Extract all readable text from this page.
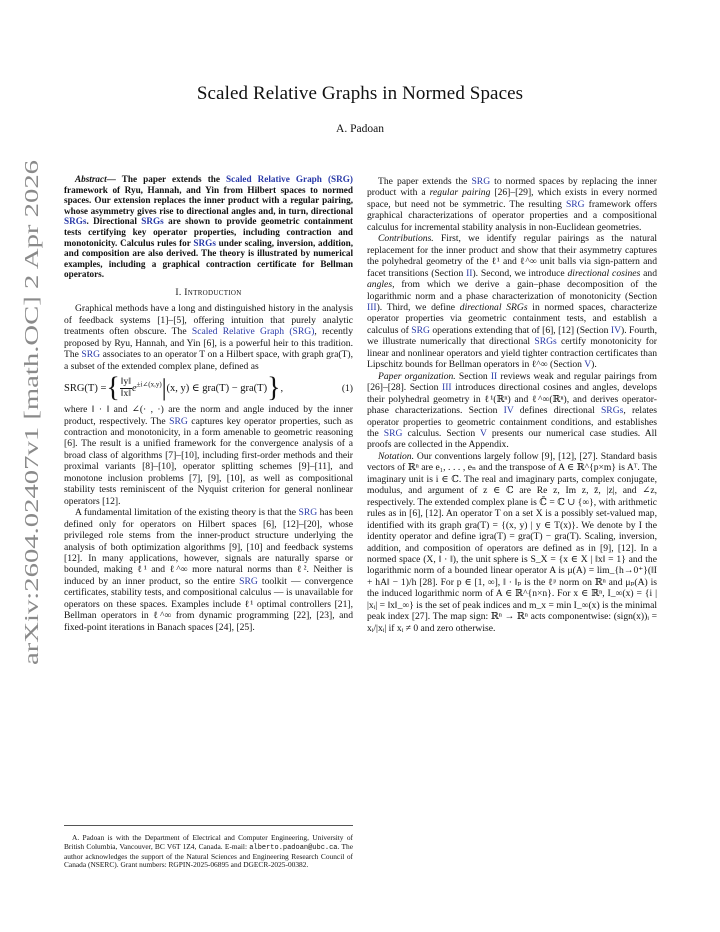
arXiv:2604.02407v1 [math.OC] 2 Apr 2026
Scaled Relative Graphs in Normed Spaces
A. Padoan

Abstract— The paper extends the Scaled Relative Graph (SRG) framework of Ryu, Hannah, and Yin from Hilbert spaces to normed spaces. Our extension replaces the inner product with a regular pairing, whose asymmetry gives rise to directional angles and, in turn, directional SRGs. Directional SRGs are shown to provide geometric containment tests certifying key operator properties, including contraction and monotonicity. Calculus rules for SRGs under scaling, inversion, addition, and composition are also derived. The theory is illustrated by numerical examples, including a graphical contraction certificate for Bellman operators.

I. Introduction

Graphical methods have a long and distinguished history in the analysis of feedback systems [1]–[5], offering intuition that purely analytic treatments often obscure. The Scaled Relative Graph (SRG), recently proposed by Ryu, Hannah, and Yin [6], is a powerful heir to this tradition. The SRG associates to an operator T on a Hilbert space, with graph gra(T), a subset of the extended complex plane, defined as

SRG(T) ={ $\frac{‖y‖}{‖x‖} e^{\pm i\angle(x,y)}|(x$, y) ∈ gra(T) − gra(T)},	(1)

where ‖ · ‖ and ∠(· , ·) are the norm and angle induced by the inner product, respectively. The SRG captures key operator properties, such as contraction and monotonicity, in a form amenable to geometric reasoning [6]. The result is a unified framework for the convergence analysis of a broad class of algorithms [7]–[10], including first-order methods and their proximal variants [8]–[10], operator splitting schemes [9]–[11], and monotone inclusion problems [7], [9], [10], as well as compositional stability tests reminiscent of the Nyquist criterion for general nonlinear operators [12].

A fundamental limitation of the existing theory is that the SRG has been defined only for operators on Hilbert spaces [6], [12]–[20], whose privileged role stems from the inner-product structure underlying the analysis of both optimization algorithms [9], [10] and feedback systems [12]. In many applications, however, signals are naturally sparse or bounded, making ℓ¹ and ℓ^∞ more natural norms than ℓ². Neither is induced by an inner product, so the entire SRG toolkit — convergence certificates, stability tests, and compositional calculus — is unavailable for operators on these spaces. Examples include ℓ¹ optimal controllers [21], Bellman operators in ℓ^∞ from dynamic programming [22], [23], and fixed-point iterations in Banach spaces [24], [25].

A. Padoan is with the Department of Electrical and Computer Engineering, University of British Columbia, Vancouver, BC V6T 1Z4, Canada. E-mail: alberto.padoan@ubc.ca. The author acknowledges the support of the Natural Sciences and Engineering Research Council of Canada (NSERC). Grant numbers: RGPIN-2025-06895 and DGECR-2025-00382.

The paper extends the SRG to normed spaces by replacing the inner product with a regular pairing [26]–[29], which exists in every normed space, but need not be symmetric. The resulting SRG framework offers graphical characterizations of operator properties and a compositional calculus for incremental stability analysis in non-Euclidean geometries.

Contributions. First, we identify regular pairings as the natural replacement for the inner product and show that their asymmetry captures the polyhedral geometry of the ℓ¹ and ℓ^∞ unit balls via sign-pattern and facet transitions (Section II). Second, we introduce directional cosines and angles, from which we derive a gain–phase decomposition of the logarithmic norm and a phase characterization of monotonicity (Section III). Third, we define directional SRGs in normed spaces, characterize operator properties via geometric containment tests, and establish a calculus of SRG operations extending that of [6], [12] (Section IV). Fourth, we illustrate numerically that directional SRGs certify monotonicity for linear and nonlinear operators and yield tighter contraction certificates than Lipschitz bounds for Bellman operators in ℓ^∞ (Section V).

Paper organization. Section II reviews weak and regular pairings from [26]–[28]. Section III introduces directional cosines and angles, develops their polyhedral geometry in ℓ¹(ℝⁿ) and ℓ^∞(ℝⁿ), and derives operator-phase characterizations. Section IV defines directional SRGs, relates operator properties to geometric containment conditions, and establishes the SRG calculus. Section V presents our numerical case studies. All proofs are collected in the Appendix.

Notation. Our conventions largely follow [9], [12], [27]. Standard basis vectors of ℝⁿ are e₁, . . . , eₙ and the transpose of A ∈ ℝ^{p×m} is Aᵀ. The imaginary unit is i ∈ ℂ. The real and imaginary parts, complex conjugate, modulus, and argument of z ∈ ℂ are Re z, Im z, z̄, |z|, and ∠z, respectively. The extended complex plane is ℂ̄ = ℂ ∪ {∞}, with arithmetic rules as in [6], [12]. An operator T on a set X is a possibly set-valued map, identified with its graph gra(T) = {(x, y) | y ∈ T(x)}. We denote by I the identity operator and define igra(T) = gra(T) − gra(T). Scaling, inversion, addition, and composition of operators are defined as in [9], [12]. In a normed space (X, ‖ · ‖), the unit sphere is S_X = {x ∈ X | ‖x‖ = 1} and the logarithmic norm of a bounded linear operator A is μ(A) = lim_{h→0⁺}(‖I + hA‖ − 1)/h [28]. For p ∈ [1, ∞], ‖ · ‖ₚ is the ℓᵖ norm on ℝⁿ and μₚ(A) is the induced logarithmic norm of A ∈ ℝ^{n×n}. For x ∈ ℝⁿ, I_∞(x) = {i | |xᵢ| = ‖x‖_∞} is the set of peak indices and m_x = min I_∞(x) is the minimal peak index [27]. The map sign: ℝⁿ → ℝⁿ acts componentwise: (sign(x))ᵢ = xᵢ/|xᵢ| if xᵢ ≠ 0 and zero otherwise.
